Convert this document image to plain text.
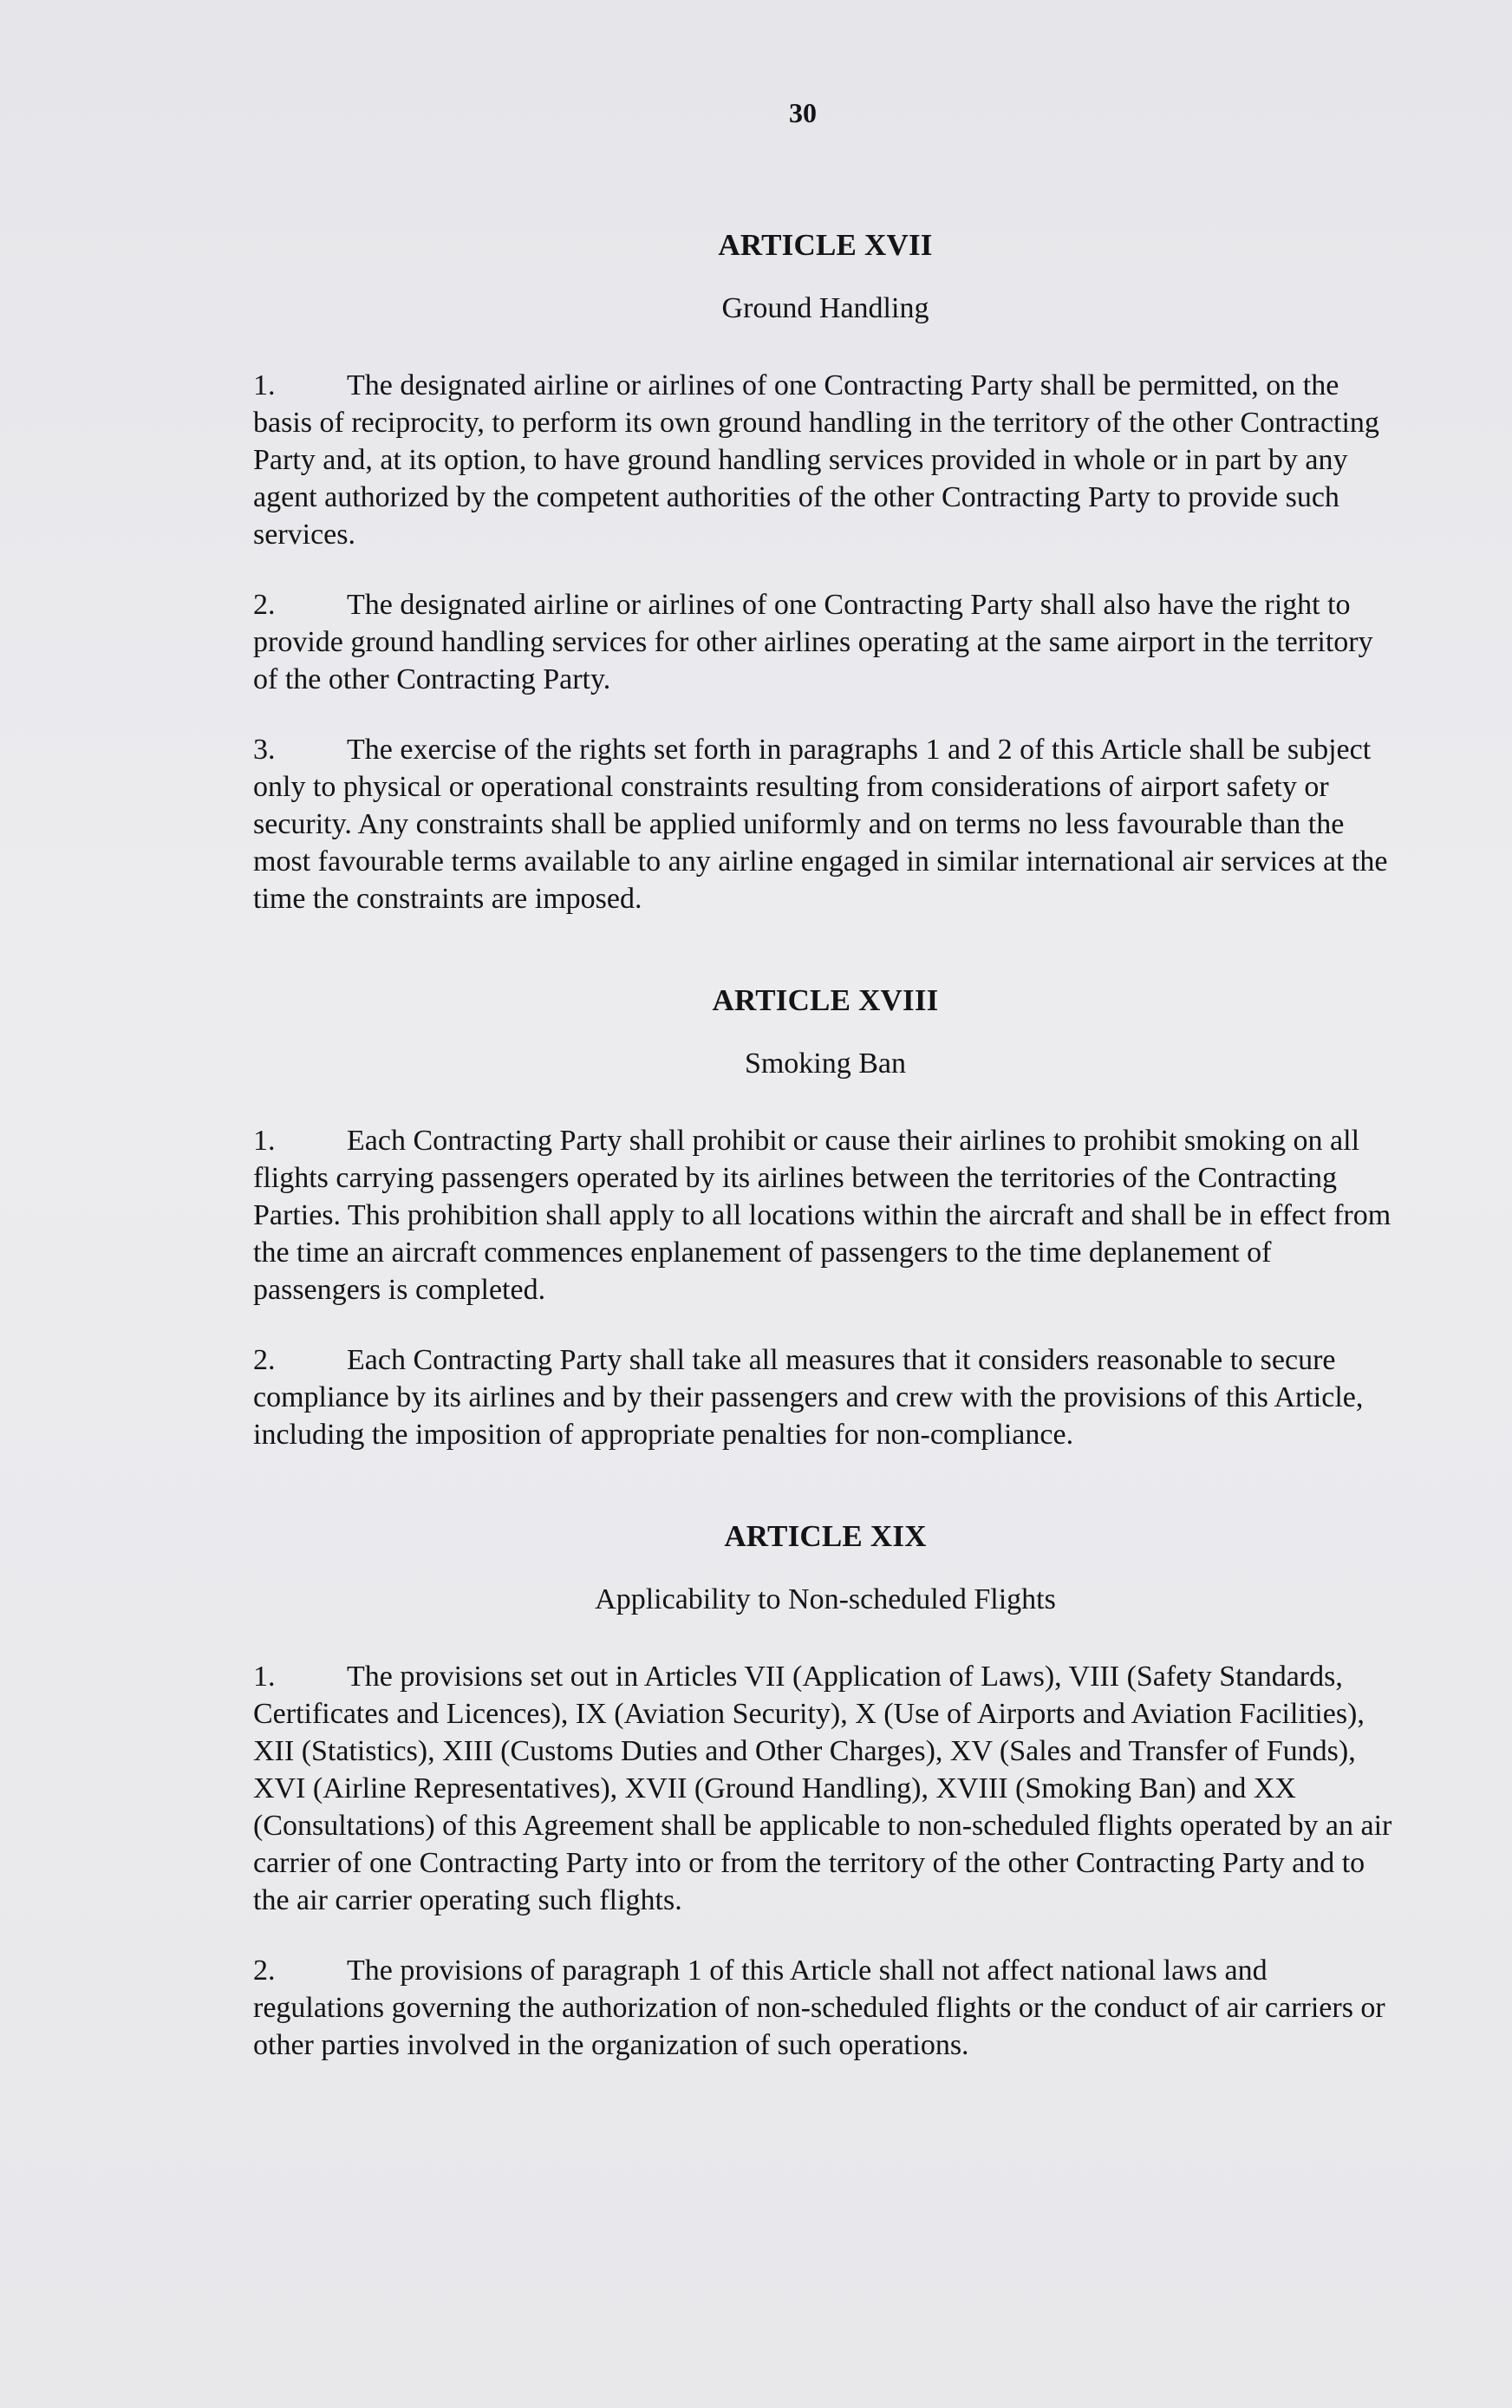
30
ARTICLE XVII
Ground Handling

1. The designated airline or airlines of one Contracting Party shall be permitted, on the basis of reciprocity, to perform its own ground handling in the territory of the other Contracting Party and, at its option, to have ground handling services provided in whole or in part by any agent authorized by the competent authorities of the other Contracting Party to provide such services.

2. The designated airline or airlines of one Contracting Party shall also have the right to provide ground handling services for other airlines operating at the same airport in the territory of the other Contracting Party.

3. The exercise of the rights set forth in paragraphs 1 and 2 of this Article shall be subject only to physical or operational constraints resulting from considerations of airport safety or security. Any constraints shall be applied uniformly and on terms no less favourable than the most favourable terms available to any airline engaged in similar international air services at the time the constraints are imposed.

ARTICLE XVIII
Smoking Ban

1. Each Contracting Party shall prohibit or cause their airlines to prohibit smoking on all flights carrying passengers operated by its airlines between the territories of the Contracting Parties. This prohibition shall apply to all locations within the aircraft and shall be in effect from the time an aircraft commences enplanement of passengers to the time deplanement of passengers is completed.

2. Each Contracting Party shall take all measures that it considers reasonable to secure compliance by its airlines and by their passengers and crew with the provisions of this Article, including the imposition of appropriate penalties for non-compliance.

ARTICLE XIX
Applicability to Non-scheduled Flights

1. The provisions set out in Articles VII (Application of Laws), VIII (Safety Standards, Certificates and Licences), IX (Aviation Security), X (Use of Airports and Aviation Facilities), XII (Statistics), XIII (Customs Duties and Other Charges), XV (Sales and Transfer of Funds), XVI (Airline Representatives), XVII (Ground Handling), XVIII (Smoking Ban) and XX (Consultations) of this Agreement shall be applicable to non-scheduled flights operated by an air carrier of one Contracting Party into or from the territory of the other Contracting Party and to the air carrier operating such flights.

2. The provisions of paragraph 1 of this Article shall not affect national laws and regulations governing the authorization of non-scheduled flights or the conduct of air carriers or other parties involved in the organization of such operations.
